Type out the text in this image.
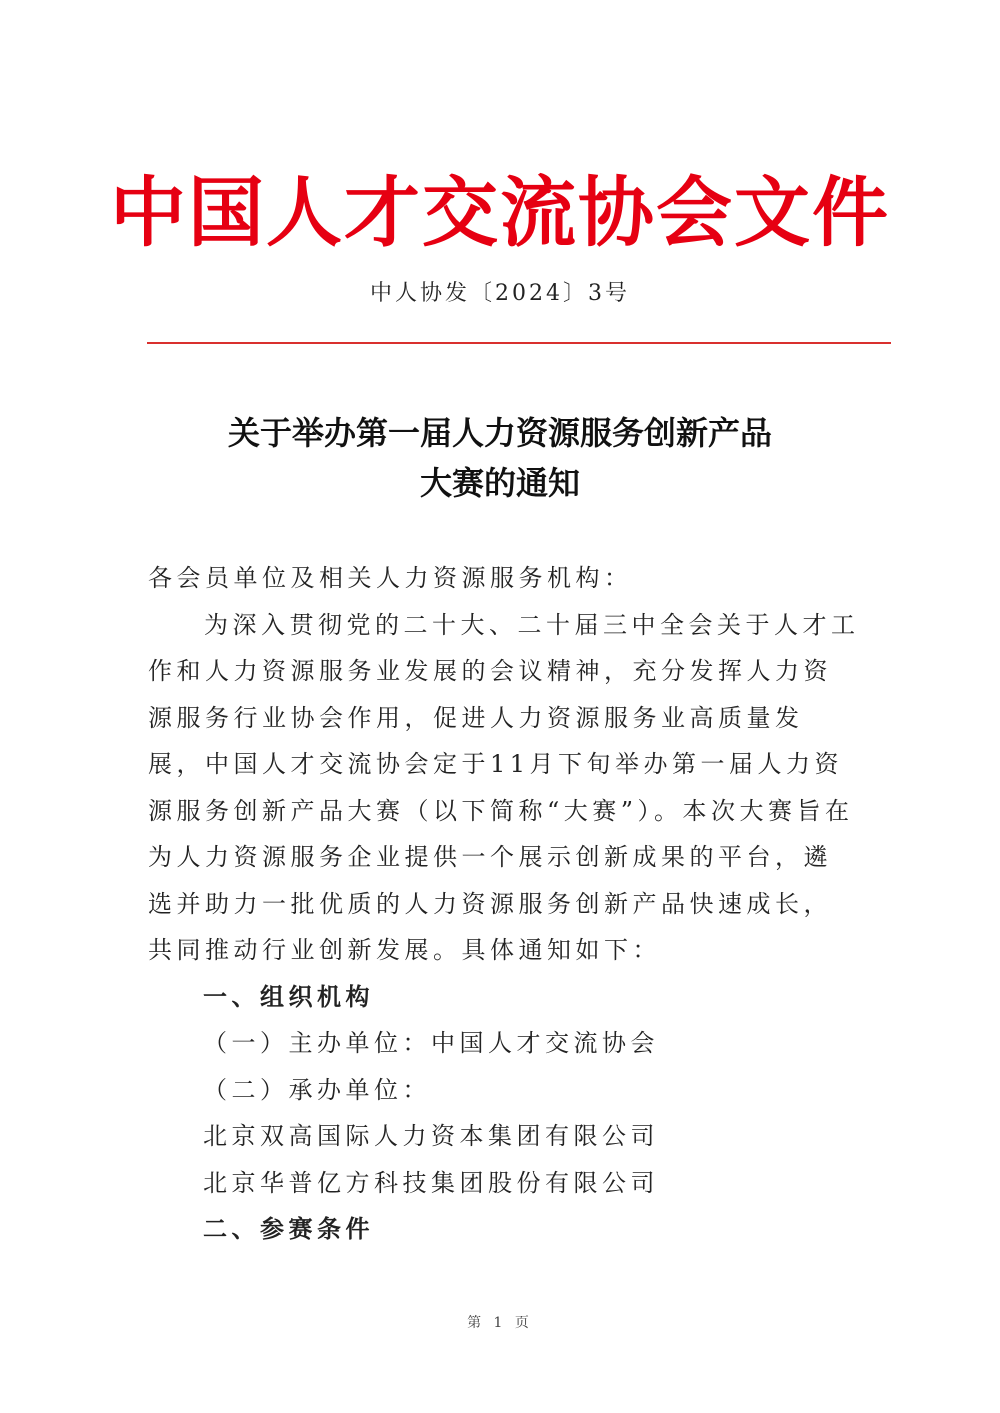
中国人才交流协会文件
中人协发〔2024〕3号
关于举办第一届人力资源服务创新产品
大赛的通知

各会员单位及相关人力资源服务机构：

为深入贯彻党的二十大、二十届三中全会关于人才工作和人力资源服务业发展的会议精神，充分发挥人力资源服务行业协会作用，促进人力资源服务业高质量发展，中国人才交流协会定于11月下旬举办第一届人力资源服务创新产品大赛（以下简称“大赛”）。本次大赛旨在为人力资源服务企业提供一个展示创新成果的平台，遴选并助力一批优质的人力资源服务创新产品快速成长，共同推动行业创新发展。具体通知如下：

一、组织机构

（一）主办单位：中国人才交流协会

（二）承办单位：

北京双高国际人力资本集团有限公司

北京华普亿方科技集团股份有限公司

二、参赛条件

第 1 页
